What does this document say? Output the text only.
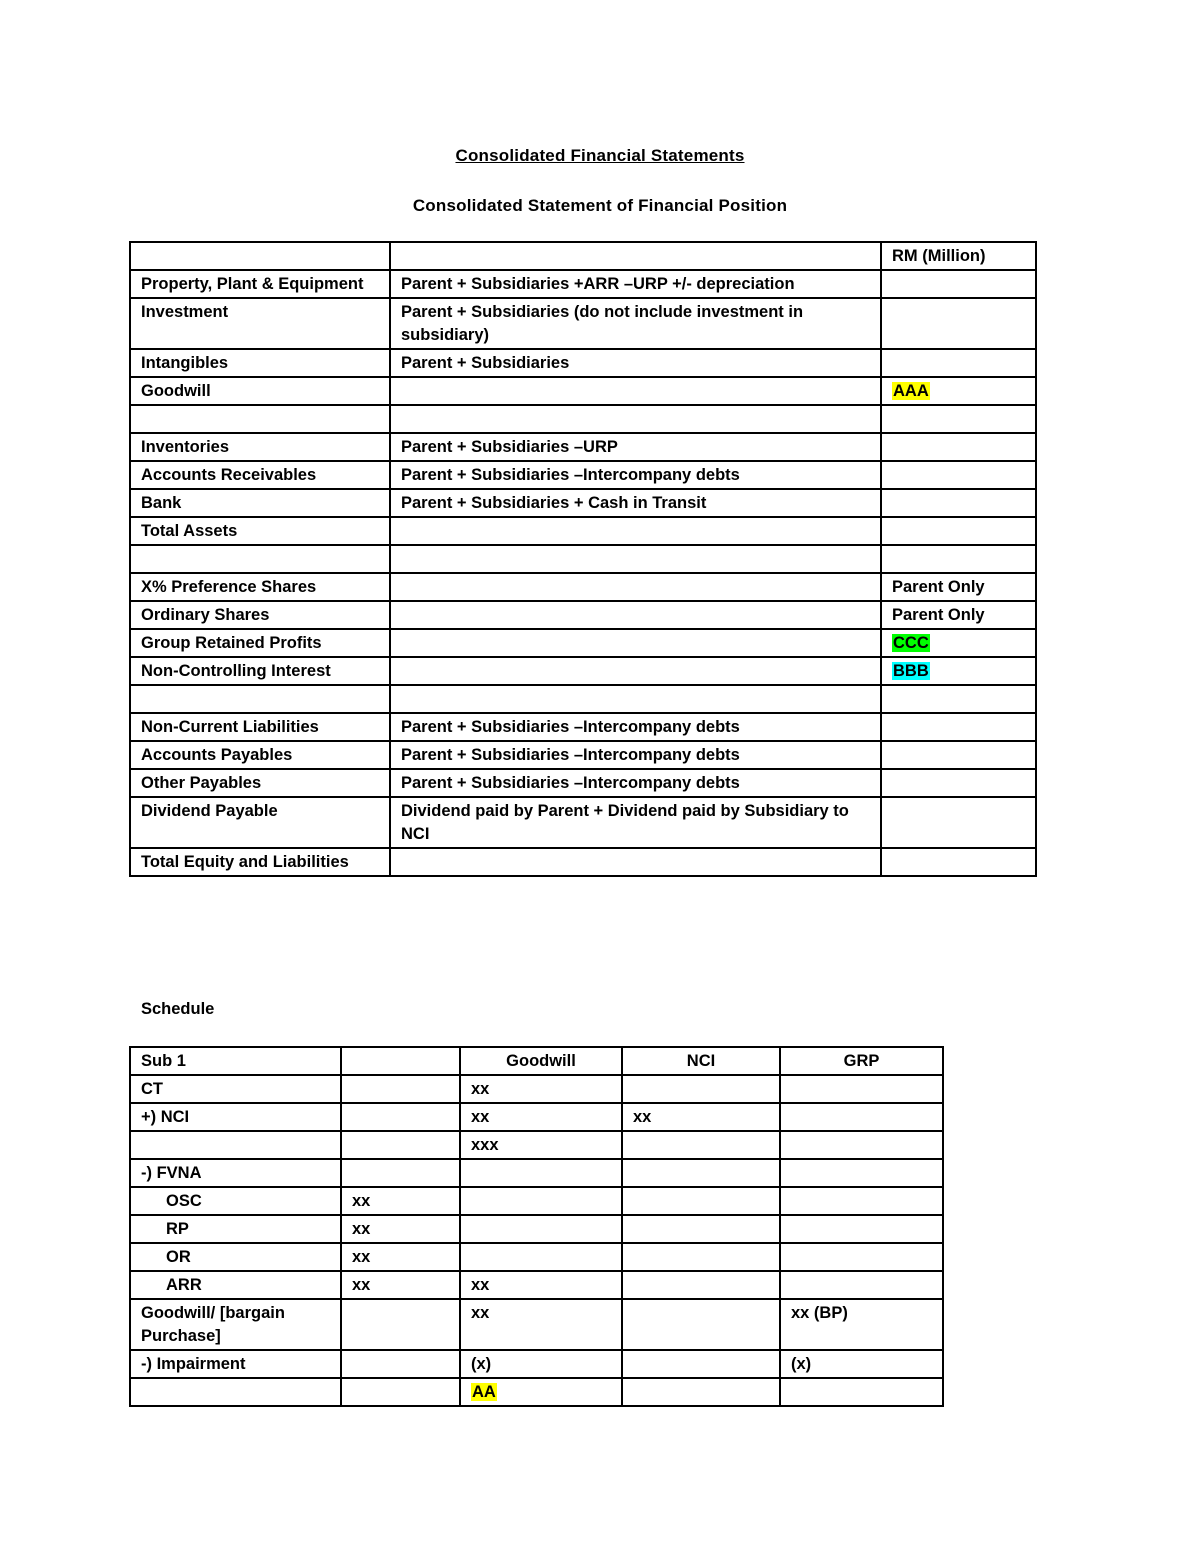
Consolidated Financial Statements
Consolidated Statement of Financial Position
		RM (Million)
Property, Plant & Equipment	Parent + Subsidiaries +ARR –URP +/- depreciation	
Investment	Parent + Subsidiaries (do not include investment in subsidiary)	
Intangibles	Parent + Subsidiaries	
Goodwill		AAA

Inventories	Parent + Subsidiaries –URP	
Accounts Receivables	Parent + Subsidiaries –Intercompany debts	
Bank	Parent + Subsidiaries + Cash in Transit	
Total Assets		

X% Preference Shares		Parent Only
Ordinary Shares		Parent Only
Group Retained Profits		CCC
Non-Controlling Interest		BBB

Non-Current Liabilities	Parent + Subsidiaries –Intercompany debts	
Accounts Payables	Parent + Subsidiaries –Intercompany debts	
Other Payables	Parent + Subsidiaries –Intercompany debts	
Dividend Payable	Dividend paid by Parent + Dividend paid by Subsidiary to NCI	
Total Equity and Liabilities		
Schedule
Sub 1		Goodwill	NCI	GRP
CT		xx		
+) NCI		xx	xx	
		xxx		
-) FVNA				
OSC	xx			
RP	xx			
OR	xx			
ARR	xx	xx		
Goodwill/ [bargain Purchase]		xx		xx (BP)
-) Impairment		(x)		(x)
		AA		
